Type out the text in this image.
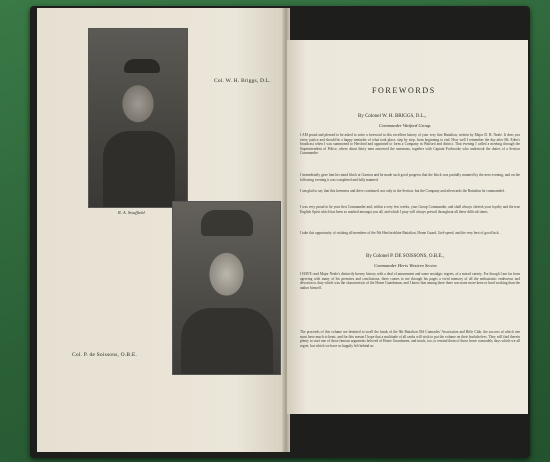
Col. W. H. Briggs, D.L.
R. A. Swaffield
Col. P. de Soissons, O.B.E.
FOREWORDS
By Colonel W. H. BRIGGS, D.L.,
Commander Watford Group.
I AM proud and pleased to be asked to write a foreword to this excellent history of your very fine Battalion, written by Major D. H. Neale. It does you every justice and should be a happy reminder of what took place, step by step, from beginning to end. How well I remember the day after Mr. Eden's broadcast when I was summoned to Hertford and appointed to form a Company in Watford and district. That evening I called a meeting through the Superintendent of Police, where about thirty men answered the summons, together with Captain Fosbrooke who undertook the duties of a Section Commander.
I immediately gave him his mind block at Garston and he made such good progress that the block was partially manned by the next evening, and on the following evening it was completed and fully manned.
I am glad to say that this keenness and drive continued, not only in the Section, but the Company and afterwards the Battalion he commanded.
I was very proud to be your first Commander and, within a very few weeks, your Group Commander, and shall always cherish your loyalty and the true English Spirit which has been so marked amongst you all, and which I pray will always prevail throughout all these difficult times.
I take this opportunity of wishing all members of the 9th Hertfordshire Battalion, Home Guard, God-speed, and the very best of good luck.
By Colonel P. DE SOISSONS, O.B.E.,
Commander Herts Western Sector.
I HAVE read Major Neale's distinctly breezy history with a deal of amusement and some nostalgic regrets, of a mixed variety. For though I am far from agreeing with many of his premises and conclusions, there comes to me through his pages a vivid memory of all the enthusiastic endeavour and devotion to duty which was the characteristic of the Home Guardsman, and I know that among there there was none more keen or hard working than the author himself.
The proceeds of this volume are destined to swell the funds of the 9th Battalion Old Comrades' Association and Rifle Club, the success of which one must have much to heart, and for this reason I hope that a multitude of all ranks will wish to put the volume on their bookshelves. They will find therein plenty to start one of those famous arguments beloved of Home Guardsmen, and much, too, to remind them of those brave comradely days which we all regret, but which we have so happily left behind us.
